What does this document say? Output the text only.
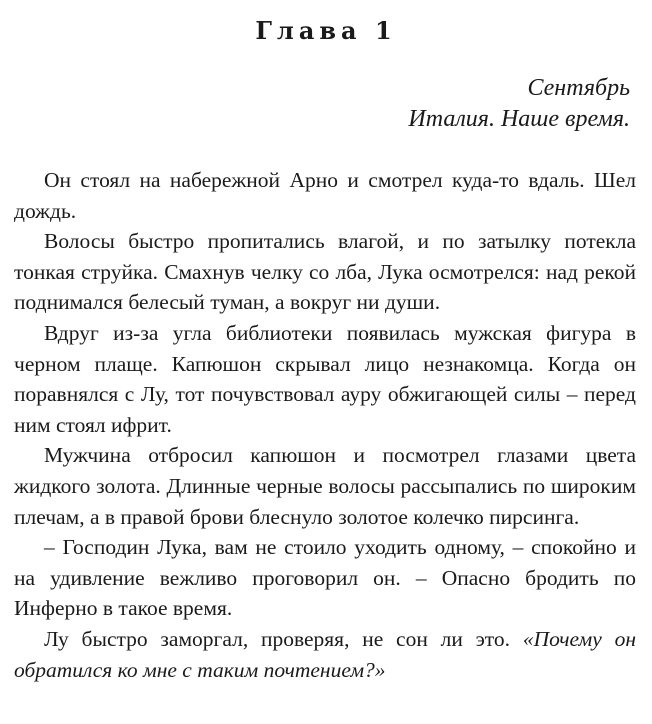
Глава 1
Сентябрь
Италия. Наше время.

Он стоял на набережной Арно и смотрел куда-то вдаль. Шел дождь.

Волосы быстро пропитались влагой, и по затылку потекла тонкая струйка. Смахнув челку со лба, Лука осмотрелся: над рекой поднимался белесый туман, а вокруг ни души.

Вдруг из-за угла библиотеки появилась мужская фигура в черном плаще. Капюшон скрывал лицо незнакомца. Когда он поравнялся с Лу, тот почувствовал ауру обжигающей силы – перед ним стоял ифрит.

Мужчина отбросил капюшон и посмотрел глазами цвета жидкого золота. Длинные черные волосы рассыпались по широким плечам, а в правой брови блеснуло золотое колечко пирсинга.

– Господин Лука, вам не стоило уходить одному, – спокойно и на удивление вежливо проговорил он. – Опасно бродить по Инферно в такое время.

Лу быстро заморгал, проверяя, не сон ли это. «Почему он обратился ко мне с таким почтением?»
